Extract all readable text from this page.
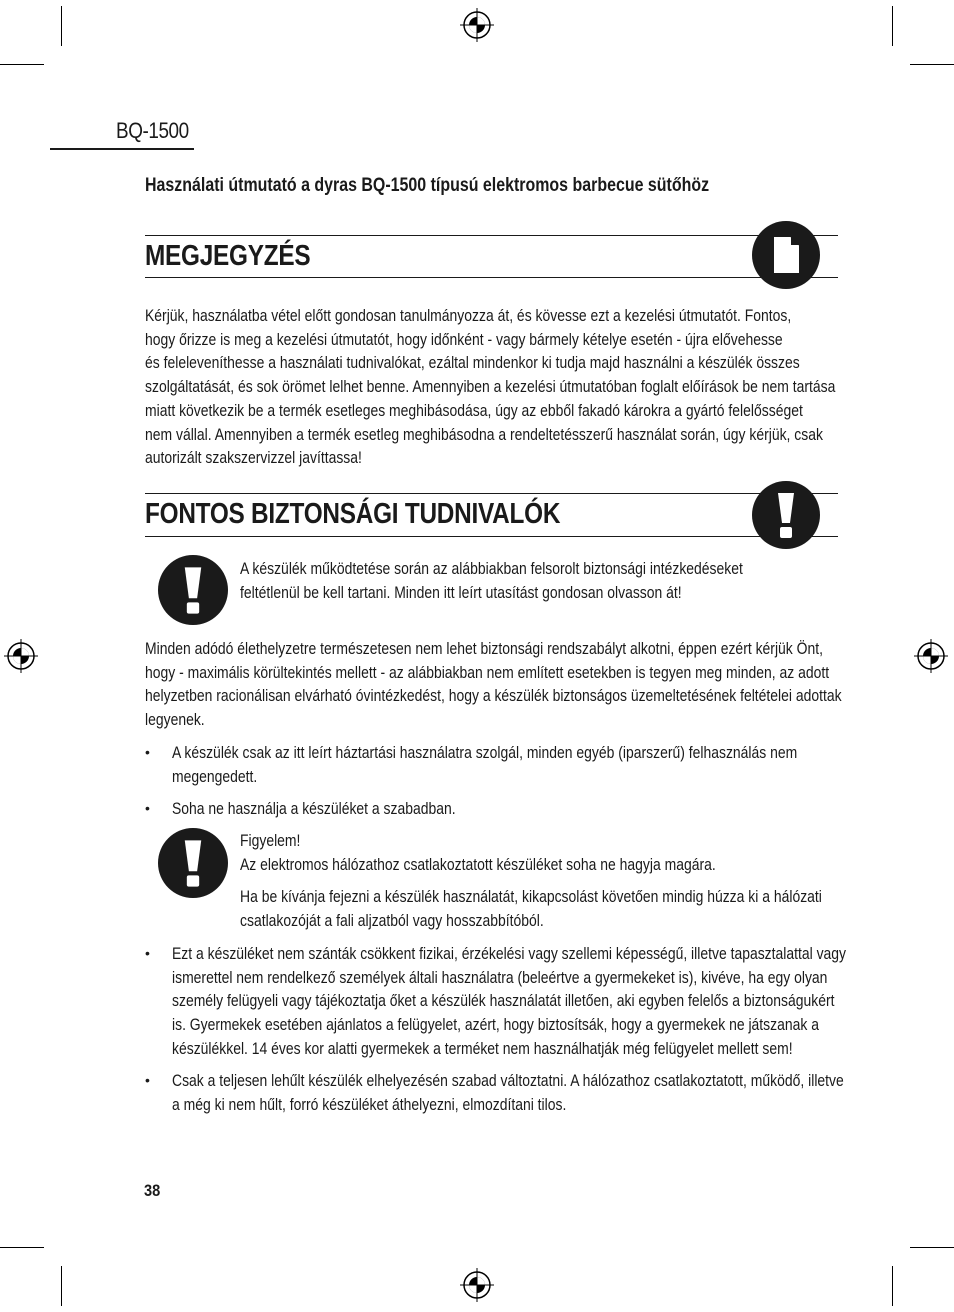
BQ-1500
Használati útmutató a dyras BQ-1500 típusú elektromos barbecue sütőhöz
MEGJEGYZÉS
Kérjük, használatba vétel előtt gondosan tanulmányozza át, és kövesse ezt a kezelési útmutatót. Fontos,
hogy őrizze is meg a kezelési útmutatót, hogy időnként - vagy bármely kételye esetén - újra elővehesse
és feleleveníthesse a használati tudnivalókat, ezáltal mindenkor ki tudja majd használni a készülék összes
szolgáltatását, és sok örömet lelhet benne. Amennyiben a kezelési útmutatóban foglalt előírások be nem tartása
miatt következik be a termék esetleges meghibásodása, úgy az ebből fakadó károkra a gyártó felelősséget
nem vállal. Amennyiben a termék esetleg meghibásodna a rendeltetésszerű használat során, úgy kérjük, csak
autorizált szakszervizzel javíttassa!
FONTOS BIZTONSÁGI TUDNIVALÓK
A készülék működtetése során az alábbiakban felsorolt biztonsági intézkedéseket
feltétlenül be kell tartani. Minden itt leírt utasítást gondosan olvasson át!
Minden adódó élethelyzetre természetesen nem lehet biztonsági rendszabályt alkotni, éppen ezért kérjük Önt,
hogy - maximális körültekintés mellett - az alábbiakban nem említett esetekben is tegyen meg minden, az adott
helyzetben racionálisan elvárható óvintézkedést, hogy a készülék biztonságos üzemeltetésének feltételei adottak
legyenek.
• A készülék csak az itt leírt háztartási használatra szolgál, minden egyéb (iparszerű) felhasználás nem
megengedett.
• Soha ne használja a készüléket a szabadban.
Figyelem!
Az elektromos hálózathoz csatlakoztatott készüléket soha ne hagyja magára.
Ha be kívánja fejezni a készülék használatát, kikapcsolást követően mindig húzza ki a hálózati
csatlakozóját a fali aljzatból vagy hosszabbítóból.
• Ezt a készüléket nem szánták csökkent fizikai, érzékelési vagy szellemi képességű, illetve tapasztalattal vagy
ismerettel nem rendelkező személyek általi használatra (beleértve a gyermekeket is), kivéve, ha egy olyan
személy felügyeli vagy tájékoztatja őket a készülék használatát illetően, aki egyben felelős a biztonságukért
is. Gyermekek esetében ajánlatos a felügyelet, azért, hogy biztosítsák, hogy a gyermekek ne játszanak a
készülékkel. 14 éves kor alatti gyermekek a terméket nem használhatják még felügyelet mellett sem!
• Csak a teljesen lehűlt készülék elhelyezésén szabad változtatni. A hálózathoz csatlakoztatott, működő, illetve
a még ki nem hűlt, forró készüléket áthelyezni, elmozdítani tilos.
38
